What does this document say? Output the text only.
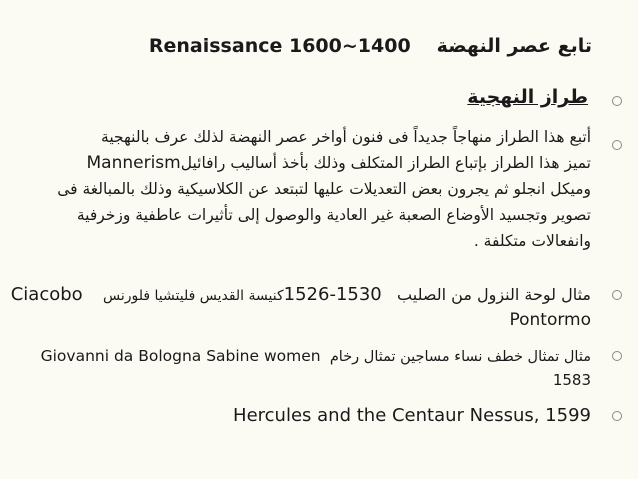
تابع عصر النهضةRenaissance 1600~1400
طراز النهجية
أتبع هذا الطراز منهاجاً جديداً فى فنون أواخر عصر النهضة لذلك عرف بالنهجية
تميز هذا الطراز بإتباع الطراز المتكلف وذلك بأخذ أساليب رافائيلMannerism
وميكل انجلو ثم يجرون بعض التعديلات عليها لتبتعد عن الكلاسيكية وذلك بالمبالغة فى
تصوير وتجسيد الأوضاع الصعبة غير العادية والوصول إلى تأثيرات عاطفية وزخرفية
وانفعالات متكلفة .
مثال لوحة النزول من الصليب   1526-1530كنيسة القديس فليتشيا فلورنس    Ciacobo
Pontormo
مثال تمثال خطف نساء مساجين تمثال رخام  Giovanni da Bologna Sabine women
1583
Hercules and the Centaur Nessus, 1599
